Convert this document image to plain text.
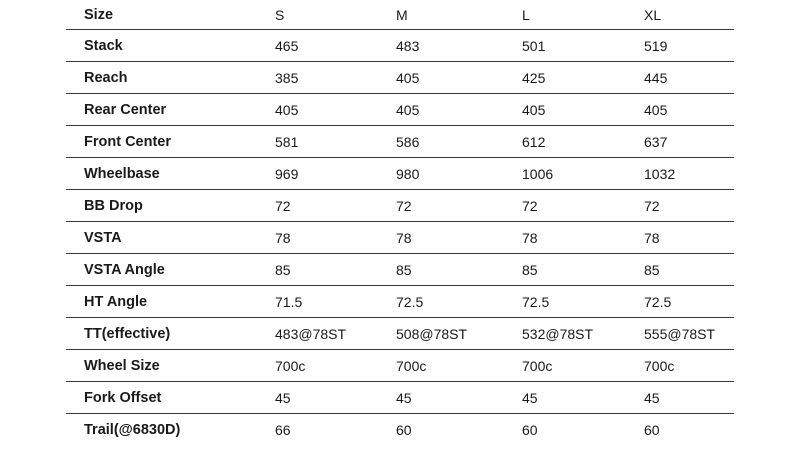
Size	S	M	L	XL
Stack	465	483	501	519
Reach	385	405	425	445
Rear Center	405	405	405	405
Front Center	581	586	612	637
Wheelbase	969	980	1006	1032
BB Drop	72	72	72	72
VSTA	78	78	78	78
VSTA Angle	85	85	85	85
HT Angle	71.5	72.5	72.5	72.5
TT(effective)	483@78ST	508@78ST	532@78ST	555@78ST
Wheel Size	700c	700c	700c	700c
Fork Offset	45	45	45	45
Trail(@6830D)	66	60	60	60
